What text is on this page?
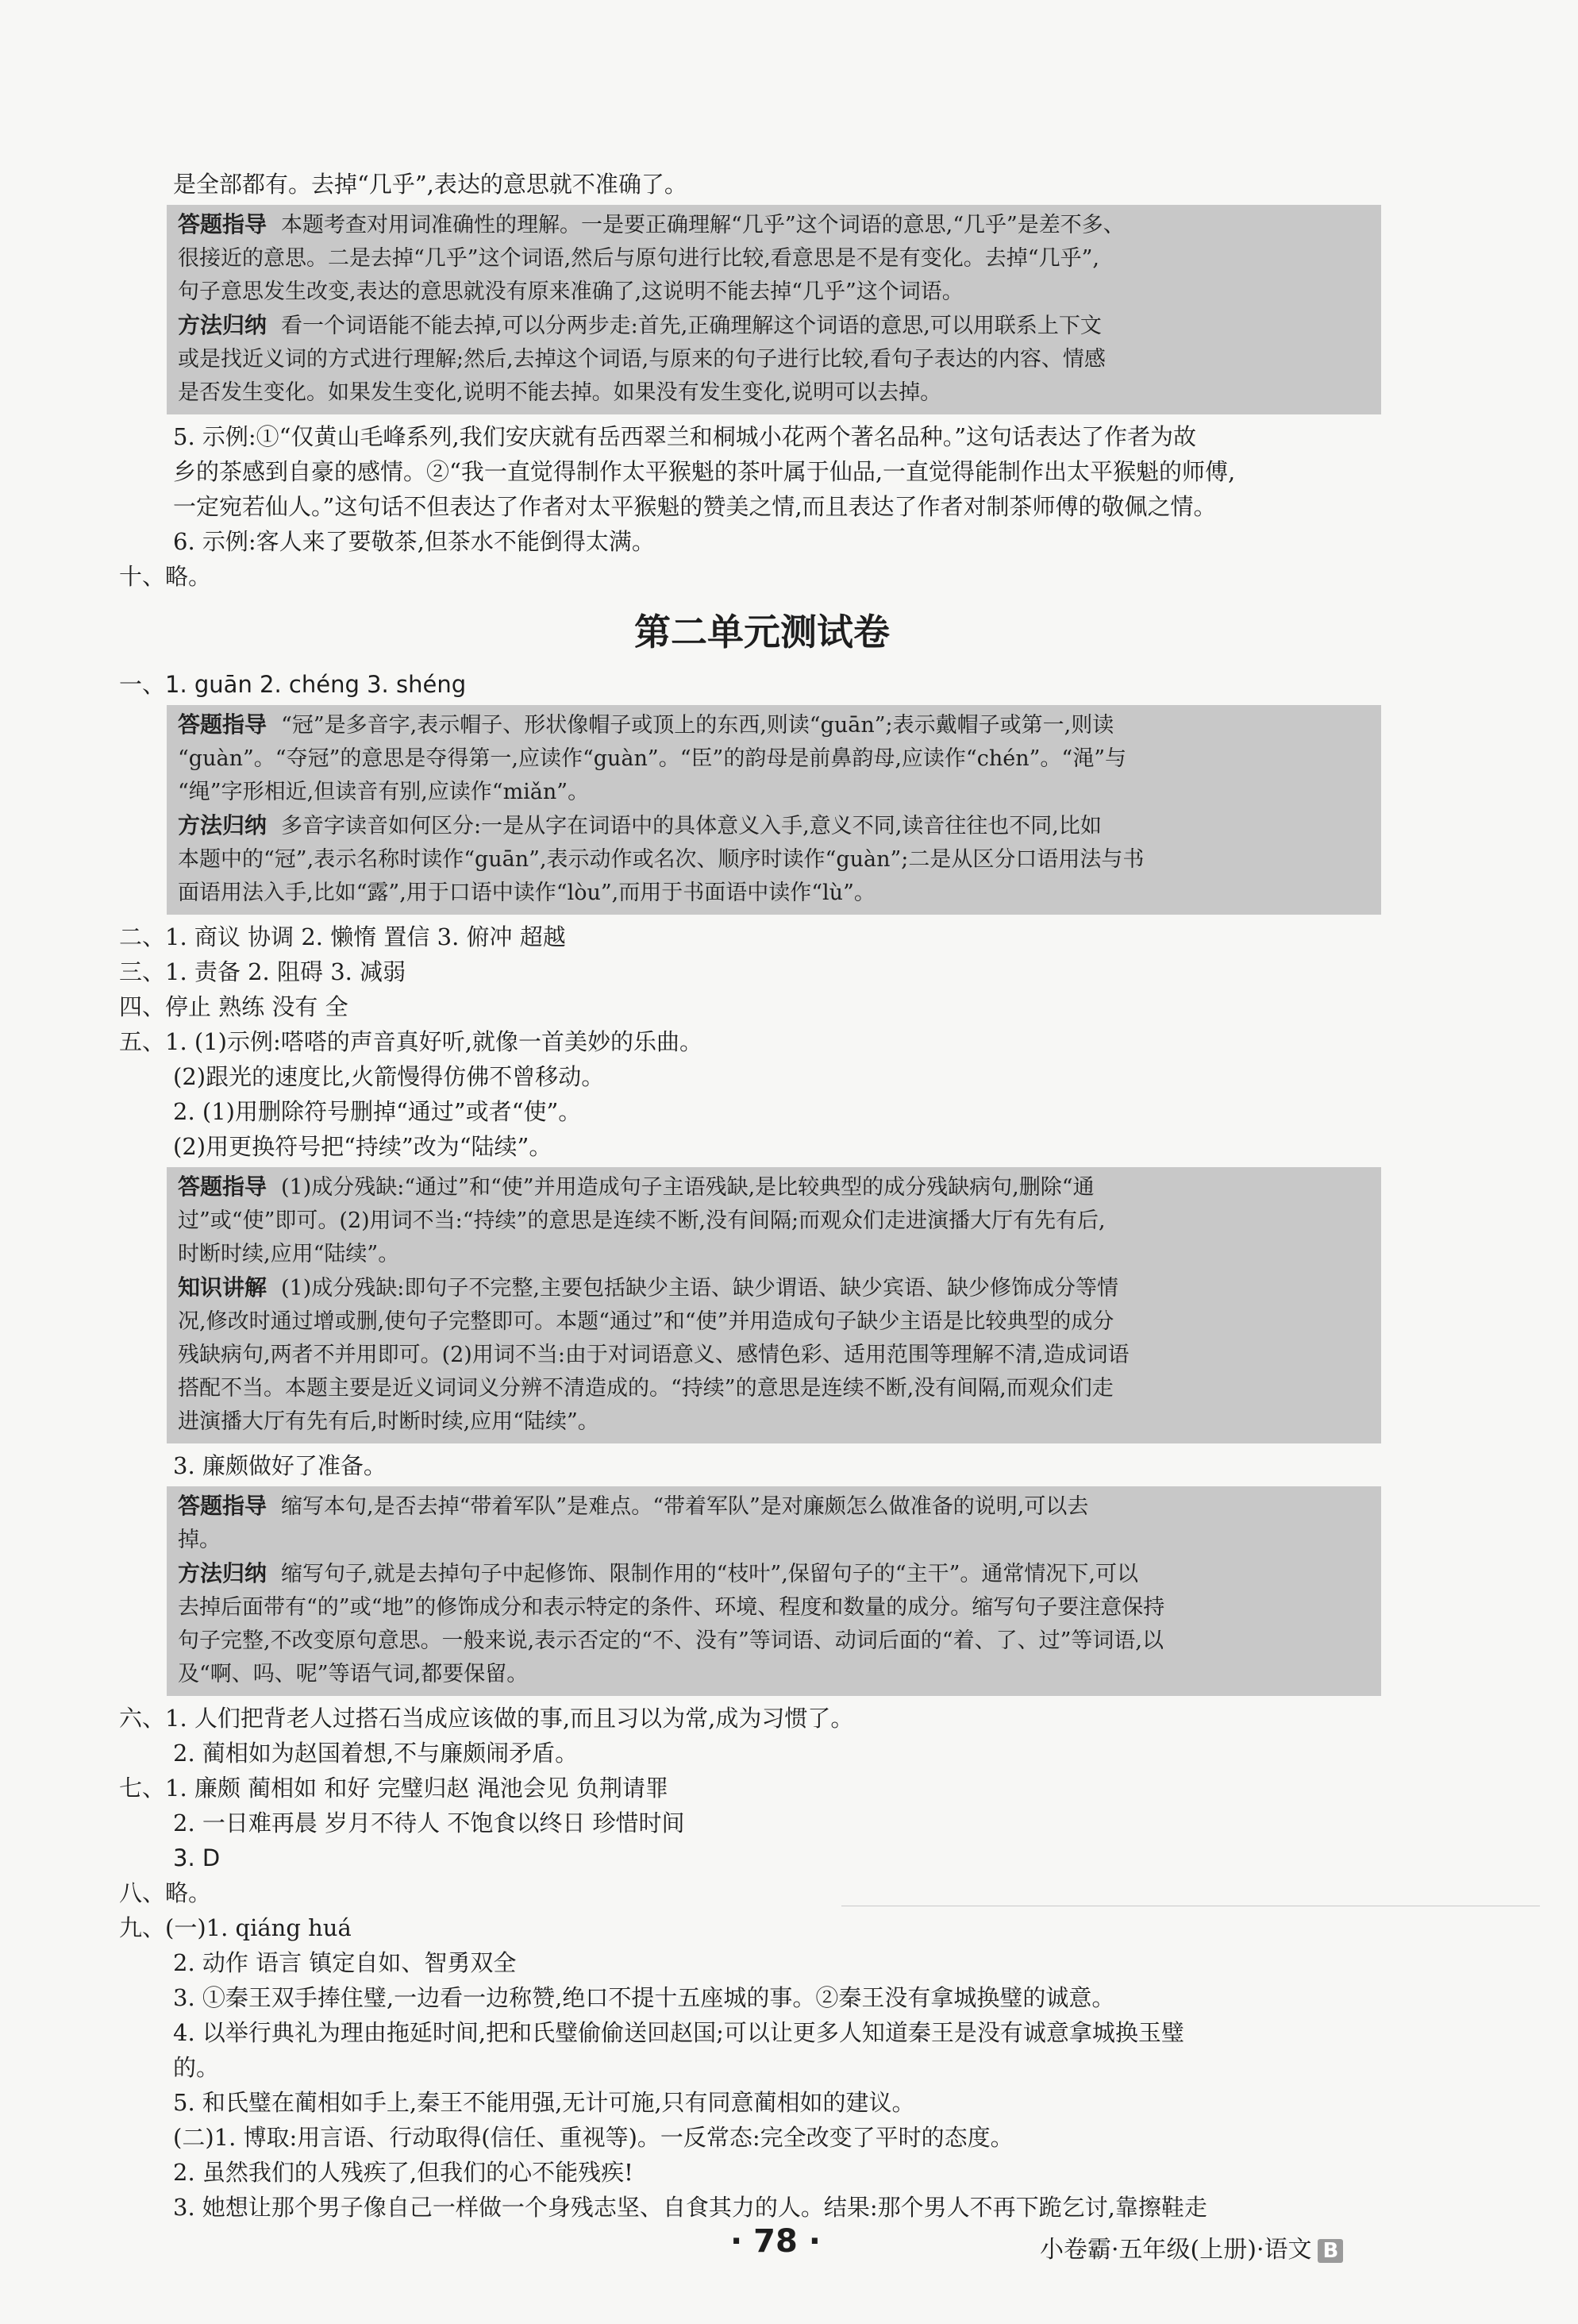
是全部都有。去掉“几乎”,表达的意思就不准确了。
答题指导 本题考查对用词准确性的理解。一是要正确理解“几乎”这个词语的意思,“几乎”是差不多、
很接近的意思。二是去掉“几乎”这个词语,然后与原句进行比较,看意思是不是有变化。去掉“几乎”,
句子意思发生改变,表达的意思就没有原来准确了,这说明不能去掉“几乎”这个词语。
方法归纳 看一个词语能不能去掉,可以分两步走:首先,正确理解这个词语的意思,可以用联系上下文
或是找近义词的方式进行理解;然后,去掉这个词语,与原来的句子进行比较,看句子表达的内容、情感
是否发生变化。如果发生变化,说明不能去掉。如果没有发生变化,说明可以去掉。
5. 示例:①“仅黄山毛峰系列,我们安庆就有岳西翠兰和桐城小花两个著名品种。”这句话表达了作者为故
乡的茶感到自豪的感情。②“我一直觉得制作太平猴魁的茶叶属于仙品,一直觉得能制作出太平猴魁的师傅,
一定宛若仙人。”这句话不但表达了作者对太平猴魁的赞美之情,而且表达了作者对制茶师傅的敬佩之情。
6. 示例:客人来了要敬茶,但茶水不能倒得太满。
十、略。
第二单元测试卷
一、1. guān 2. chéng 3. shéng
答题指导 “冠”是多音字,表示帽子、形状像帽子或顶上的东西,则读“guān”;表示戴帽子或第一,则读
“guàn”。“夺冠”的意思是夺得第一,应读作“guàn”。“臣”的韵母是前鼻韵母,应读作“chén”。“渑”与
“绳”字形相近,但读音有别,应读作“miǎn”。
方法归纳 多音字读音如何区分:一是从字在词语中的具体意义入手,意义不同,读音往往也不同,比如
本题中的“冠”,表示名称时读作“guān”,表示动作或名次、顺序时读作“guàn”;二是从区分口语用法与书
面语用法入手,比如“露”,用于口语中读作“lòu”,而用于书面语中读作“lù”。
二、1. 商议 协调 2. 懒惰 置信 3. 俯冲 超越
三、1. 责备 2. 阻碍 3. 减弱
四、停止 熟练 没有 全
五、1. (1)示例:嗒嗒的声音真好听,就像一首美妙的乐曲。
(2)跟光的速度比,火箭慢得仿佛不曾移动。
2. (1)用删除符号删掉“通过”或者“使”。
(2)用更换符号把“持续”改为“陆续”。
答题指导 (1)成分残缺:“通过”和“使”并用造成句子主语残缺,是比较典型的成分残缺病句,删除“通
过”或“使”即可。(2)用词不当:“持续”的意思是连续不断,没有间隔;而观众们走进演播大厅有先有后,
时断时续,应用“陆续”。
知识讲解 (1)成分残缺:即句子不完整,主要包括缺少主语、缺少谓语、缺少宾语、缺少修饰成分等情
况,修改时通过增或删,使句子完整即可。本题“通过”和“使”并用造成句子缺少主语是比较典型的成分
残缺病句,两者不并用即可。(2)用词不当:由于对词语意义、感情色彩、适用范围等理解不清,造成词语
搭配不当。本题主要是近义词词义分辨不清造成的。“持续”的意思是连续不断,没有间隔,而观众们走
进演播大厅有先有后,时断时续,应用“陆续”。
3. 廉颇做好了准备。
答题指导 缩写本句,是否去掉“带着军队”是难点。“带着军队”是对廉颇怎么做准备的说明,可以去
掉。
方法归纳 缩写句子,就是去掉句子中起修饰、限制作用的“枝叶”,保留句子的“主干”。通常情况下,可以
去掉后面带有“的”或“地”的修饰成分和表示特定的条件、环境、程度和数量的成分。缩写句子要注意保持
句子完整,不改变原句意思。一般来说,表示否定的“不、没有”等词语、动词后面的“着、了、过”等词语,以
及“啊、吗、呢”等语气词,都要保留。
六、1. 人们把背老人过搭石当成应该做的事,而且习以为常,成为习惯了。
2. 蔺相如为赵国着想,不与廉颇闹矛盾。
七、1. 廉颇 蔺相如 和好 完璧归赵 渑池会见 负荆请罪
2. 一日难再晨 岁月不待人 不饱食以终日 珍惜时间
3. D
八、略。
九、(一)1. qiáng huá
2. 动作 语言 镇定自如、智勇双全
3. ①秦王双手捧住璧,一边看一边称赞,绝口不提十五座城的事。②秦王没有拿城换璧的诚意。
4. 以举行典礼为理由拖延时间,把和氏璧偷偷送回赵国;可以让更多人知道秦王是没有诚意拿城换玉璧
的。
5. 和氏璧在蔺相如手上,秦王不能用强,无计可施,只有同意蔺相如的建议。
(二)1. 博取:用言语、行动取得(信任、重视等)。一反常态:完全改变了平时的态度。
2. 虽然我们的人残疾了,但我们的心不能残疾!
3. 她想让那个男子像自己一样做一个身残志坚、自食其力的人。结果:那个男人不再下跪乞讨,靠擦鞋走
· 78 ·	小卷霸·五年级(上册)·语文 B
